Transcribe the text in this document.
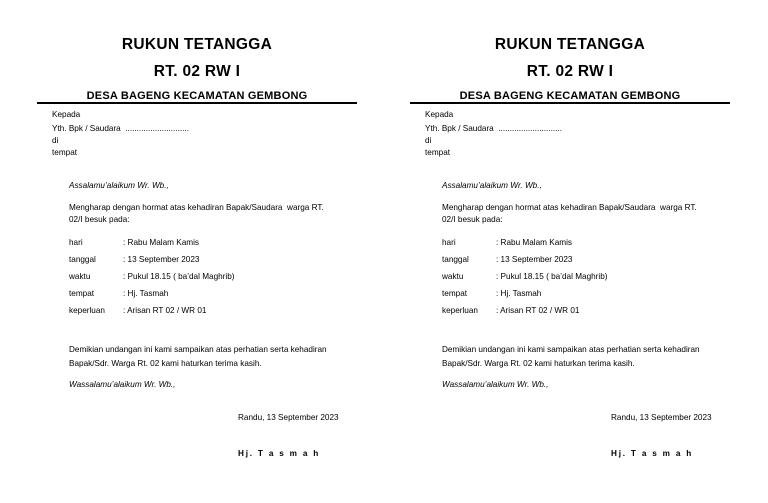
RUKUN TETANGGA
RT. 02 RW I
DESA BAGENG KECAMATAN GEMBONG
Kepada
Yth. Bpk / Saudara  ............................
di
tempat
Assalamu’alaikum Wr. Wb.,
Mengharap dengan hormat atas kehadiran Bapak/Saudara  warga RT.
02/I besuk pada:
hari	: Rabu Malam Kamis
tanggal	: 13 September 2023
waktu	: Pukul 18.15 ( ba’dal Maghrib)
tempat	: Hj. Tasmah
keperluan : Arisan RT 02 / WR 01
Demikian undangan ini kami sampaikan atas perhatian serta kehadiran
Bapak/Sdr. Warga Rt. 02 kami haturkan terima kasih.
Wassalamu’alaikum Wr. Wb.,
Randu, 13 September 2023
Hj. T a s m a h
RUKUN TETANGGA
RT. 02 RW I
DESA BAGENG KECAMATAN GEMBONG
Kepada
Yth. Bpk / Saudara  ............................
di
tempat
Assalamu’alaikum Wr. Wb.,
Mengharap dengan hormat atas kehadiran Bapak/Saudara  warga RT.
02/I besuk pada:
hari	: Rabu Malam Kamis
tanggal	: 13 September 2023
waktu	: Pukul 18.15 ( ba’dal Maghrib)
tempat	: Hj. Tasmah
keperluan : Arisan RT 02 / WR 01
Demikian undangan ini kami sampaikan atas perhatian serta kehadiran
Bapak/Sdr. Warga Rt. 02 kami haturkan terima kasih.
Wassalamu’alaikum Wr. Wb.,
Randu, 13 September 2023
Hj. T a s m a h
